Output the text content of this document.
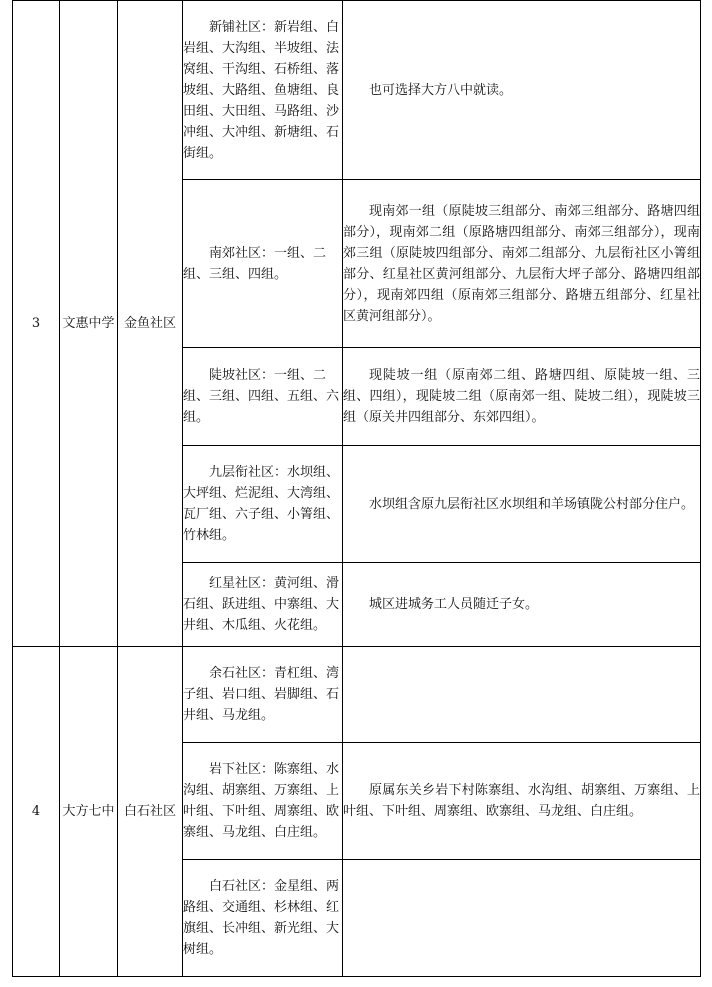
3	文惠中学	金鱼社区	新铺社区：新岩组、白岩组、大沟组、半坡组、法窝组、干沟组、石桥组、落坡组、大路组、鱼塘组、良田组、大田组、马路组、沙冲组、大冲组、新塘组、石街组。	也可选择大方八中就读。

			南郊社区：一组、二组、三组、四组。	现南郊一组（原陡坡三组部分、南郊三组部分、路塘四组部分），现南郊二组（原路塘四组部分、南郊三组部分），现南郊三组（原陡坡四组部分、南郊二组部分、九层衔社区小箐组部分、红星社区黄河组部分、九层衔大坪子部分、路塘四组部分），现南郊四组（原南郊三组部分、路塘五组部分、红星社区黄河组部分）。

			陡坡社区：一组、二组、三组、四组、五组、六组。	现陡坡一组（原南郊二组、路塘四组、原陡坡一组、三组、四组），现陡坡二组（原南郊一组、陡坡二组），现陡坡三组（原关井四组部分、东郊四组）。

			九层衔社区：水坝组、大坪组、烂泥组、大湾组、瓦厂组、六子组、小箐组、竹林组。	水坝组含原九层衔社区水坝组和羊场镇陇公村部分住户。

			红星社区：黄河组、滑石组、跃进组、中寨组、大井组、木瓜组、火花组。	城区进城务工人员随迁子女。

4	大方七中	白石社区	余石社区：青杠组、湾子组、岩口组、岩脚组、石井组、马龙组。	

			岩下社区：陈寨组、水沟组、胡寨组、万寨组、上叶组、下叶组、周寨组、欧寨组、马龙组、白庄组。	原属东关乡岩下村陈寨组、水沟组、胡寨组、万寨组、上叶组、下叶组、周寨组、欧寨组、马龙组、白庄组。

			白石社区：金星组、两路组、交通组、杉林组、红旗组、长冲组、新光组、大树组。	
